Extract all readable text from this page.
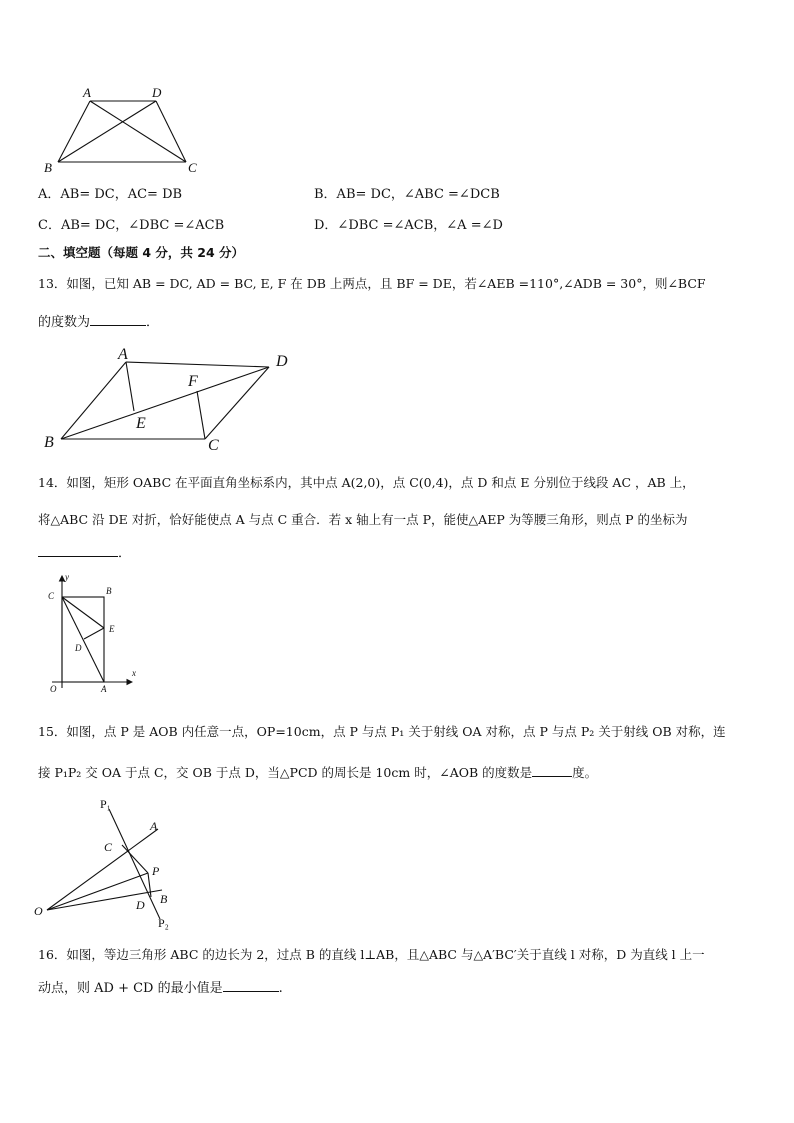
A	D
B	C
A．AB= DC，AC= DB	B．AB= DC，∠ABC =∠DCB
C．AB= DC，∠DBC =∠ACB	D．∠DBC =∠ACB，∠A =∠D
二、填空题（每题 4 分，共 24 分）
13．如图，已知 AB = DC, AD = BC, E, F 在 DB 上两点，且 BF = DE，若∠AEB =110°,∠ADB = 30°，则∠BCF
的度数为	．
A	D
F
E
B	C
14．如图，矩形 OABC 在平面直角坐标系内，其中点 A(2,0)，点 C(0,4)，点 D 和点 E 分别位于线段 AC ，AB 上，
将△ABC 沿 DE 对折，恰好能使点 A 与点 C 重合．若 x 轴上有一点 P，能使△AEP 为等腰三角形，则点 P 的坐标为
．
y
x
C	B
E
D
O	A
15．如图，点 P 是 AOB 内任意一点，OP=10cm，点 P 与点 P₁ 关于射线 OA 对称，点 P 与点 P₂ 关于射线 OB 对称，连
接 P₁P₂ 交 OA 于点 C，交 OB 于点 D，当△PCD 的周长是 10cm 时，∠AOB 的度数是	度。
P₁
A
C
P
B
O	D
P₂
16．如图，等边三角形 ABC 的边长为 2，过点 B 的直线 l⊥AB，且△ABC 与△A′BC′关于直线 l 对称，D 为直线 l 上一
动点，则 AD + CD 的最小值是	.
